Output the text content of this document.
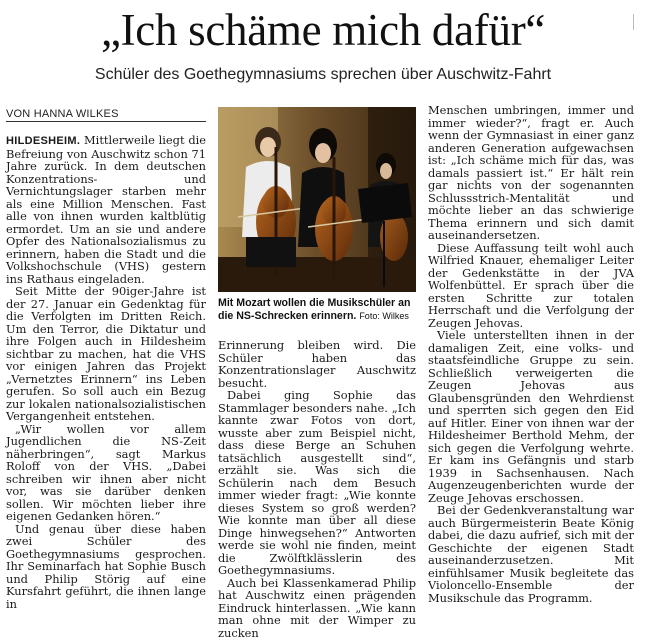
„Ich schäme mich dafür“
Schüler des Goethegymnasiums sprechen über Auschwitz-Fahrt
VON HANNA WILKES

HILDESHEIM. Mittlerweile liegt die Befreiung von Auschwitz schon 71 Jahre zurück. In dem deutschen Konzentrations- und Vernichtungslager starben mehr als eine Million Menschen. Fast alle von ihnen wurden kaltblütig ermordet. Um an sie und andere Opfer des Nationalsozialismus zu erinnern, haben die Stadt und die Volkshochschule (VHS) gestern ins Rathaus eingeladen.

Seit Mitte der 90iger-Jahre ist der 27. Januar ein Gedenktag für die Verfolgten im Dritten Reich. Um den Terror, die Diktatur und ihre Folgen auch in Hildesheim sichtbar zu machen, hat die VHS vor einigen Jahren das Projekt „Vernetztes Erinnern“ ins Leben gerufen. So soll auch ein Bezug zur lokalen nationalsozialistischen Vergangenheit entstehen.

„Wir wollen vor allem Jugendlichen die NS-Zeit näherbringen“, sagt Markus Roloff von der VHS. „Dabei schreiben wir ihnen aber nicht vor, was sie darüber denken sollen. Wir möchten lieber ihre eigenen Gedanken hören.“

Und genau über diese haben zwei Schüler des Goethegymnasiums gesprochen. Ihr Seminarfach hat Sophie Busch und Philip Störig auf eine Kursfahrt geführt, die ihnen lange in

Mit Mozart wollen die Musikschüler an die NS-Schrecken erinnern. Foto: Wilkes

Erinnerung bleiben wird. Die Schüler haben das Konzentrationslager Auschwitz besucht.

Dabei ging Sophie das Stammlager besonders nahe. „Ich kannte zwar Fotos von dort, wusste aber zum Beispiel nicht, dass diese Berge an Schuhen tatsächlich ausgestellt sind“, erzählt sie. Was sich die Schülerin nach dem Besuch immer wieder fragt: „Wie konnte dieses System so groß werden? Wie konnte man über all diese Dinge hinwegsehen?“ Antworten werde sie wohl nie finden, meint die Zwölftklässlerin des Goethegymnasiums.

Auch bei Klassenkamerad Philip hat Auschwitz einen prägenden Eindruck hinterlassen. „Wie kann man ohne mit der Wimper zu zucken

Menschen umbringen, immer und immer wieder?“, fragt er. Auch wenn der Gymnasiast in einer ganz anderen Generation aufgewachsen ist: „Ich schäme mich für das, was damals passiert ist.“ Er hält rein gar nichts von der sogenannten Schlussstrich-Mentalität und möchte lieber an das schwierige Thema erinnern und sich damit auseinandersetzen.

Diese Auffassung teilt wohl auch Wilfried Knauer, ehemaliger Leiter der Gedenkstätte in der JVA Wolfenbüttel. Er sprach über die ersten Schritte zur totalen Herrschaft und die Verfolgung der Zeugen Jehovas.

Viele unterstellten ihnen in der damaligen Zeit, eine volks- und staatsfeindliche Gruppe zu sein. Schließlich verweigerten die Zeugen Jehovas aus Glaubensgründen den Wehrdienst und sperrten sich gegen den Eid auf Hitler. Einer von ihnen war der Hildesheimer Berthold Mehm, der sich gegen die Verfolgung wehrte. Er kam ins Gefängnis und starb 1939 in Sachsenhausen. Nach Augenzeugenberichten wurde der Zeuge Jehovas erschossen.

Bei der Gedenkveranstaltung war auch Bürgermeisterin Beate König dabei, die dazu aufrief, sich mit der Geschichte der eigenen Stadt auseinanderzusetzen. Mit einfühlsamer Musik begleitete das Violoncello-Ensemble der Musikschule das Programm.
